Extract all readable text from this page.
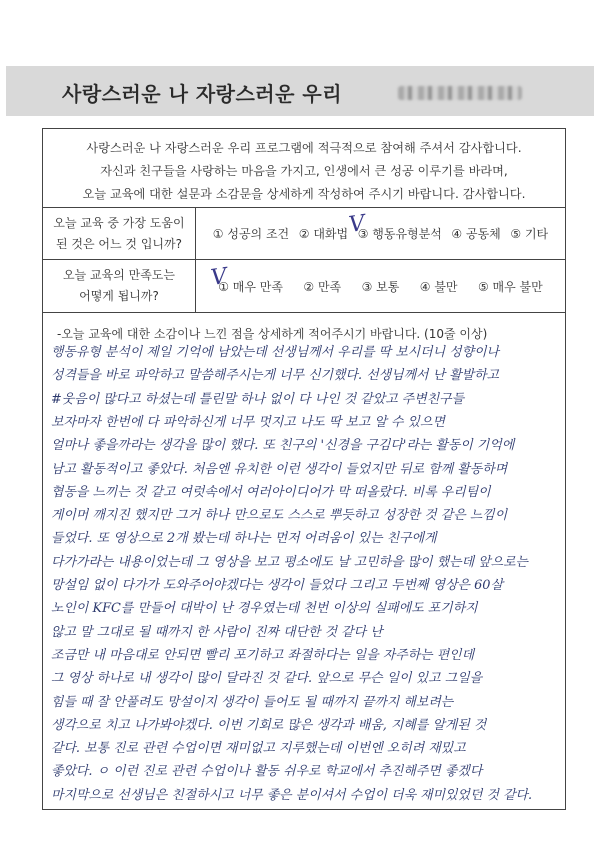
사랑스러운 나 자랑스러운 우리

사랑스러운 나 자랑스러운 우리 프로그램에 적극적으로 참여해 주셔서 감사합니다.

자신과 친구들을 사랑하는 마음을 가지고, 인생에서 큰 성공 이루기를 바라며,

오늘 교육에 대한 설문과 소감문을 상세하게 작성하여 주시기 바랍니다. 감사합니다.

오늘 교육 중 가장 도움이
된 것은 어느 것 입니까?
① 성공의 조건 ② 대화법
V
③ 행동유형분석 ④ 공동체 ⑤ 기타
오늘 교육의 만족도는
어떻게 됩니까?
V
① 매우 만족 ② 만족 ③ 보통 ④ 불만 ⑤ 매우 불만
-오늘 교육에 대한 소감이나 느낀 점을 상세하게 적어주시기 바랍니다. (10줄 이상)
행동유형 분석이 제일 기억에 남았는데 선생님께서 우리를 딱 보시더니 성향이나
성격들을 바로 파악하고 말씀해주시는게 너무 신기했다. 선생님께서 난 활발하고
#웃음이 많다고 하셨는데 틀린말 하나 없이 다 나인 것 같았고 주변친구들
보자마자 한번에 다 파악하신게 너무 멋지고 나도 딱 보고 알 수 있으면
얼마나 좋을까라는 생각을 많이 했다. 또 친구의 '신경을 구김다'라는 활동이 기억에
남고 활동적이고 좋았다. 처음엔 유치한 이런 생각이 들었지만 뒤로 함께 활동하며
협동을 느끼는 것 같고 여럿속에서 여러아이디어가 막 떠올랐다. 비록 우리팀이
게이머 깨지진 했지만 그거 하나 만으로도 스스로 뿌듯하고 성장한 것 같은 느낌이
들었다. 또 영상으로 2개 봤는데 하나는 먼저 어려움이 있는 친구에게
다가가라는 내용이었는데 그 영상을 보고 평소에도 날 고민하을 많이 했는데 앞으로는
망설임 없이 다가가 도와주어야겠다는 생각이 들었다 그리고 두번째 영상은 60살
노인이 KFC를 만들어 대박이 난 경우였는데 천번 이상의 실패에도 포기하지
않고 말 그대로 될 때까지 한 사람이 진짜 대단한 것 같다 난
조금만 내 마음대로 안되면 빨리 포기하고 좌절하다는 일을 자주하는 편인데
그 영상 하나로 내 생각이 많이 달라진 것 같다. 앞으로 무슨 일이 있고 그일을
힘들 때 잘 안풀려도 망설이지 생각이 들어도 될 때까지 끝까지 해보려는
생각으로 치고 나가봐야겠다. 이번 기회로 많은 생각과 배움, 지혜를 알게된 것
같다. 보통 진로 관련 수업이면 재미없고 지루했는데 이번엔 오히려 재밌고
좋았다. ㅇ 이런 진로 관련 수업이나 활동 쉬우로 학교에서 추진해주면 좋겠다
마지막으로 선생님은 친절하시고 너무 좋은 분이셔서 수업이 더욱 재미있었던 것 같다.
